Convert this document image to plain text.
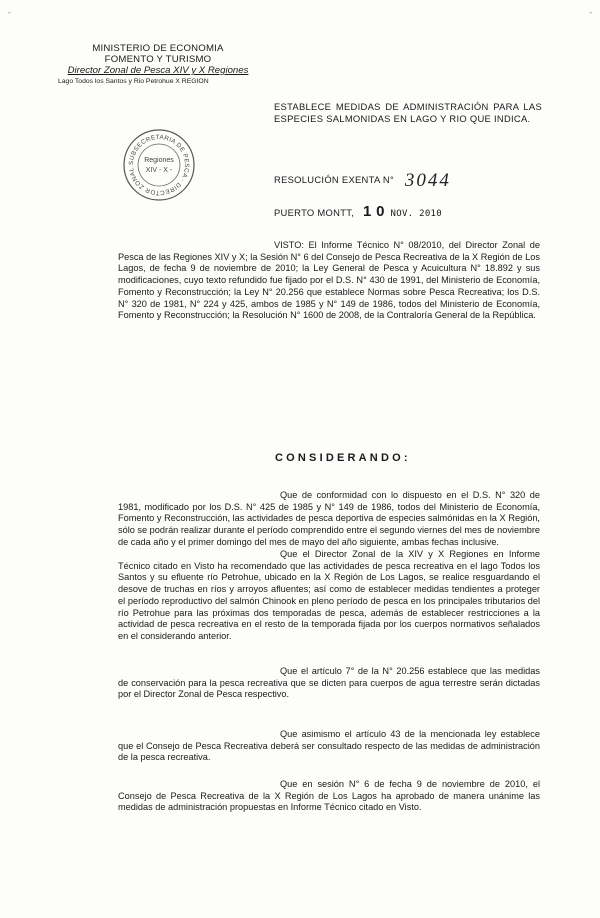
-	-
MINISTERIO DE ECONOMIA
FOMENTO Y TURISMO
Director Zonal de Pesca XIV y X Regiones
Lago Todos los Santos y Rio Petrohue X REGION
ESTABLECE MEDIDAS DE ADMINISTRACIÓN PARA LAS ESPECIES SALMONIDAS EN LAGO Y RIO QUE INDICA.
SUBSECRETARIA DE PESCA · DIRECTOR ZONAL
Regiones
XIV - X -
RESOLUCIÓN EXENTA N° 3044
PUERTO MONTT, 1 0 NOV. 2010
VISTO: El Informe Técnico N° 08/2010, del Director Zonal de Pesca de las Regiones XIV y X; la Sesión N° 6 del Consejo de Pesca Recreativa de la X Región de Los Lagos, de fecha 9 de noviembre de 2010; la Ley General de Pesca y Acuicultura N° 18.892 y sus modificaciones, cuyo texto refundido fue fijado por el D.S. N° 430 de 1991, del Ministerio de Economía, Fomento y Reconstrucción; la Ley N° 20.256 que establece Normas sobre Pesca Recreativa; los D.S. N° 320 de 1981, N° 224 y 425, ambos de 1985 y N° 149 de 1986, todos del Ministerio de Economía, Fomento y Reconstrucción; la Resolución N° 1600 de 2008, de la Contraloría General de la República.
CONSIDERANDO:
Que de conformidad con lo dispuesto en el D.S. N° 320 de 1981, modificado por los D.S. N° 425 de 1985 y N° 149 de 1986, todos del Ministerio de Economía, Fomento y Reconstrucción, las actividades de pesca deportiva de especies salmónidas en la X Región, sólo se podrán realizar durante el período comprendido entre el segundo viernes del mes de noviembre de cada año y el primer domingo del mes de mayo del año siguiente, ambas fechas inclusive.
Que el Director Zonal de la XIV y X Regiones en Informe Técnico citado en Visto ha recomendado que las actividades de pesca recreativa en el lago Todos los Santos y su efluente río Petrohue, ubicado en la X Región de Los Lagos, se realice resguardando el desove de truchas en ríos y arroyos afluentes; así como de establecer medidas tendientes a proteger el período reproductivo del salmón Chinook en pleno período de pesca en los principales tributarios del río Petrohue para las próximas dos temporadas de pesca, además de establecer restricciones a la actividad de pesca recreativa en el resto de la temporada fijada por los cuerpos normativos señalados en el considerando anterior.
Que el artículo 7° de la N° 20.256 establece que las medidas de conservación para la pesca recreativa que se dicten para cuerpos de agua terrestre serán dictadas por el Director Zonal de Pesca respectivo.
Que asimismo el artículo 43 de la mencionada ley establece que el Consejo de Pesca Recreativa deberá ser consultado respecto de las medidas de administración de la pesca recreativa.
Que en sesión N° 6 de fecha 9 de noviembre de 2010, el Consejo de Pesca Recreativa de la X Región de Los Lagos ha aprobado de manera unánime las medidas de administración propuestas en Informe Técnico citado en Visto.
